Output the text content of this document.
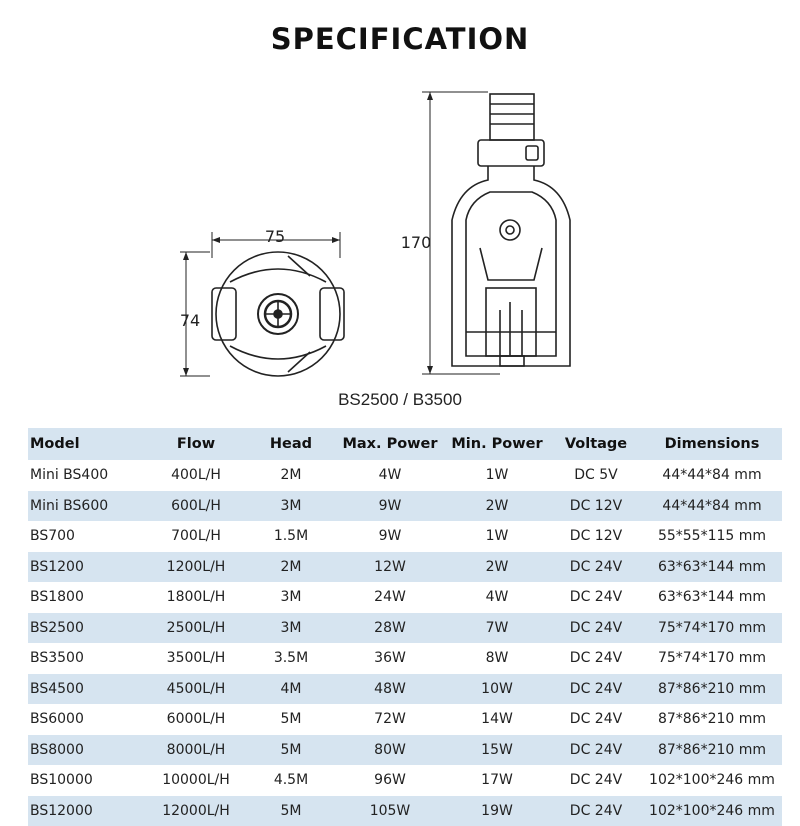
SPECIFICATION
75
74
170
BS2500 / B3500
Model	Flow	Head	Max. Power	Min. Power	Voltage	Dimensions
Mini BS400	400L/H	2M	4W	1W	DC 5V	44*44*84 mm
Mini BS600	600L/H	3M	9W	2W	DC 12V	44*44*84 mm
BS700	700L/H	1.5M	9W	1W	DC 12V	55*55*115 mm
BS1200	1200L/H	2M	12W	2W	DC 24V	63*63*144 mm
BS1800	1800L/H	3M	24W	4W	DC 24V	63*63*144 mm
BS2500	2500L/H	3M	28W	7W	DC 24V	75*74*170 mm
BS3500	3500L/H	3.5M	36W	8W	DC 24V	75*74*170 mm
BS4500	4500L/H	4M	48W	10W	DC 24V	87*86*210 mm
BS6000	6000L/H	5M	72W	14W	DC 24V	87*86*210 mm
BS8000	8000L/H	5M	80W	15W	DC 24V	87*86*210 mm
BS10000	10000L/H	4.5M	96W	17W	DC 24V	102*100*246 mm
BS12000	12000L/H	5M	105W	19W	DC 24V	102*100*246 mm
